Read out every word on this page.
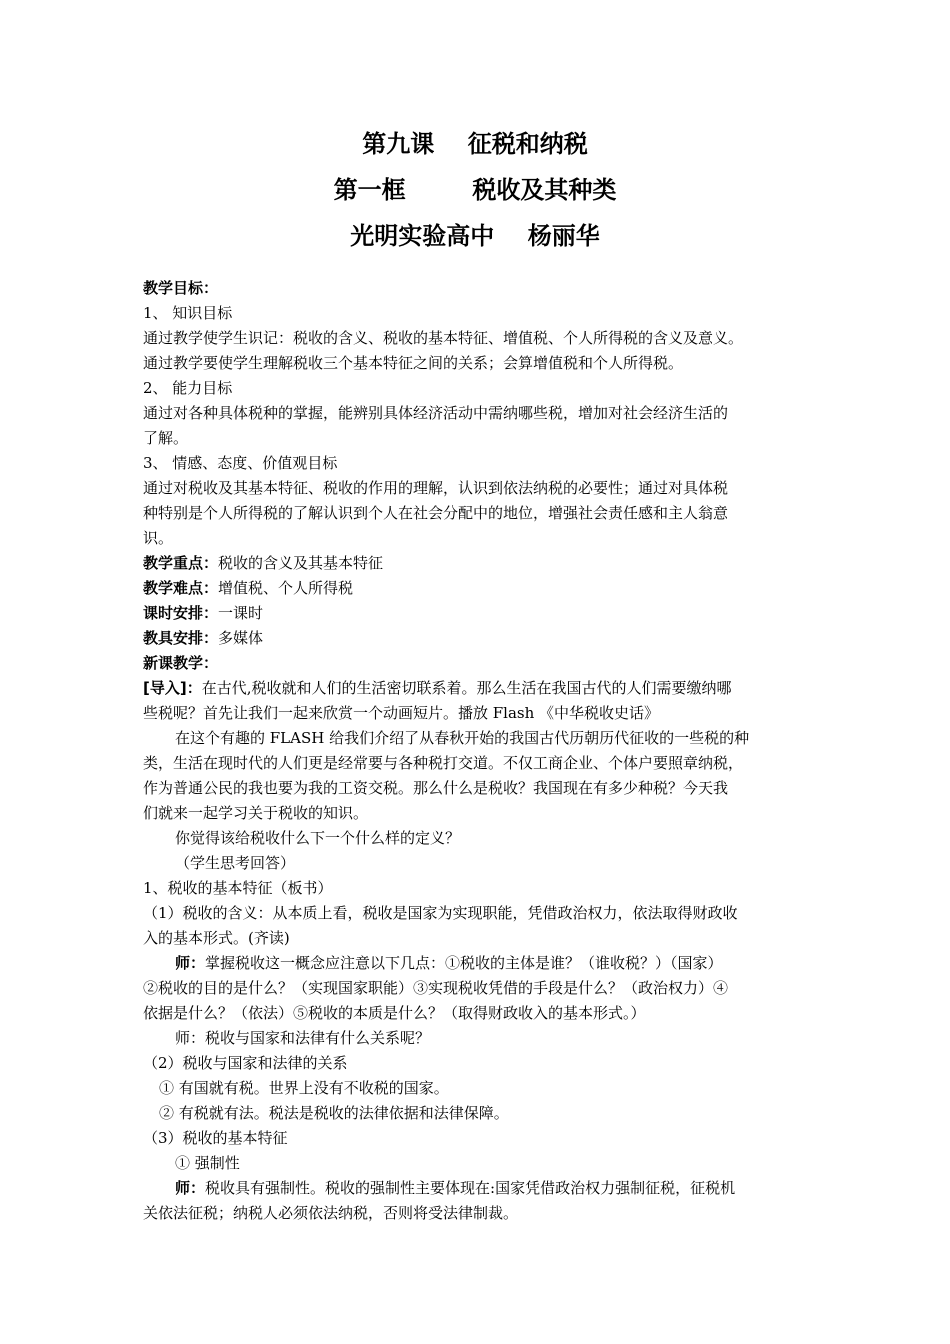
第九课    征税和纳税
第一框        税收及其种类
光明实验高中    杨丽华
教学目标：
1、 知识目标
通过教学使学生识记：税收的含义、税收的基本特征、增值税、个人所得税的含义及意义。
通过教学要使学生理解税收三个基本特征之间的关系；会算增值税和个人所得税。
2、 能力目标
通过对各种具体税种的掌握，能辨别具体经济活动中需纳哪些税，增加对社会经济生活的
了解。
3、 情感、态度、价值观目标
通过对税收及其基本特征、税收的作用的理解，认识到依法纳税的必要性；通过对具体税
种特别是个人所得税的了解认识到个人在社会分配中的地位，增强社会责任感和主人翁意
识。
教学重点：税收的含义及其基本特征
教学难点：增值税、个人所得税
课时安排：一课时
教具安排：多媒体
新课教学：
[导入]：在古代,税收就和人们的生活密切联系着。那么生活在我国古代的人们需要缴纳哪
些税呢？首先让我们一起来欣赏一个动画短片。播放 Flash 《中华税收史话》
在这个有趣的 FLASH 给我们介绍了从春秋开始的我国古代历朝历代征收的一些税的种
类，生活在现时代的人们更是经常要与各种税打交道。不仅工商企业、个体户要照章纳税，
作为普通公民的我也要为我的工资交税。那么什么是税收？我国现在有多少种税？今天我
们就来一起学习关于税收的知识。
你觉得该给税收什么下一个什么样的定义？
（学生思考回答）
1、税收的基本特征（板书）
（1）税收的含义：从本质上看，税收是国家为实现职能，凭借政治权力，依法取得财政收
入的基本形式。(齐读)
师：掌握税收这一概念应注意以下几点：①税收的主体是谁？（谁收税？）（国家）
②税收的目的是什么？（实现国家职能）③实现税收凭借的手段是什么？（政治权力）④
依据是什么？（依法）⑤税收的本质是什么？（取得财政收入的基本形式。）
师：税收与国家和法律有什么关系呢？
（2）税收与国家和法律的关系
① 有国就有税。世界上没有不收税的国家。
② 有税就有法。税法是税收的法律依据和法律保障。
（3）税收的基本特征
① 强制性
师：税收具有强制性。税收的强制性主要体现在:国家凭借政治权力强制征税，征税机
关依法征税；纳税人必须依法纳税，否则将受法律制裁。
